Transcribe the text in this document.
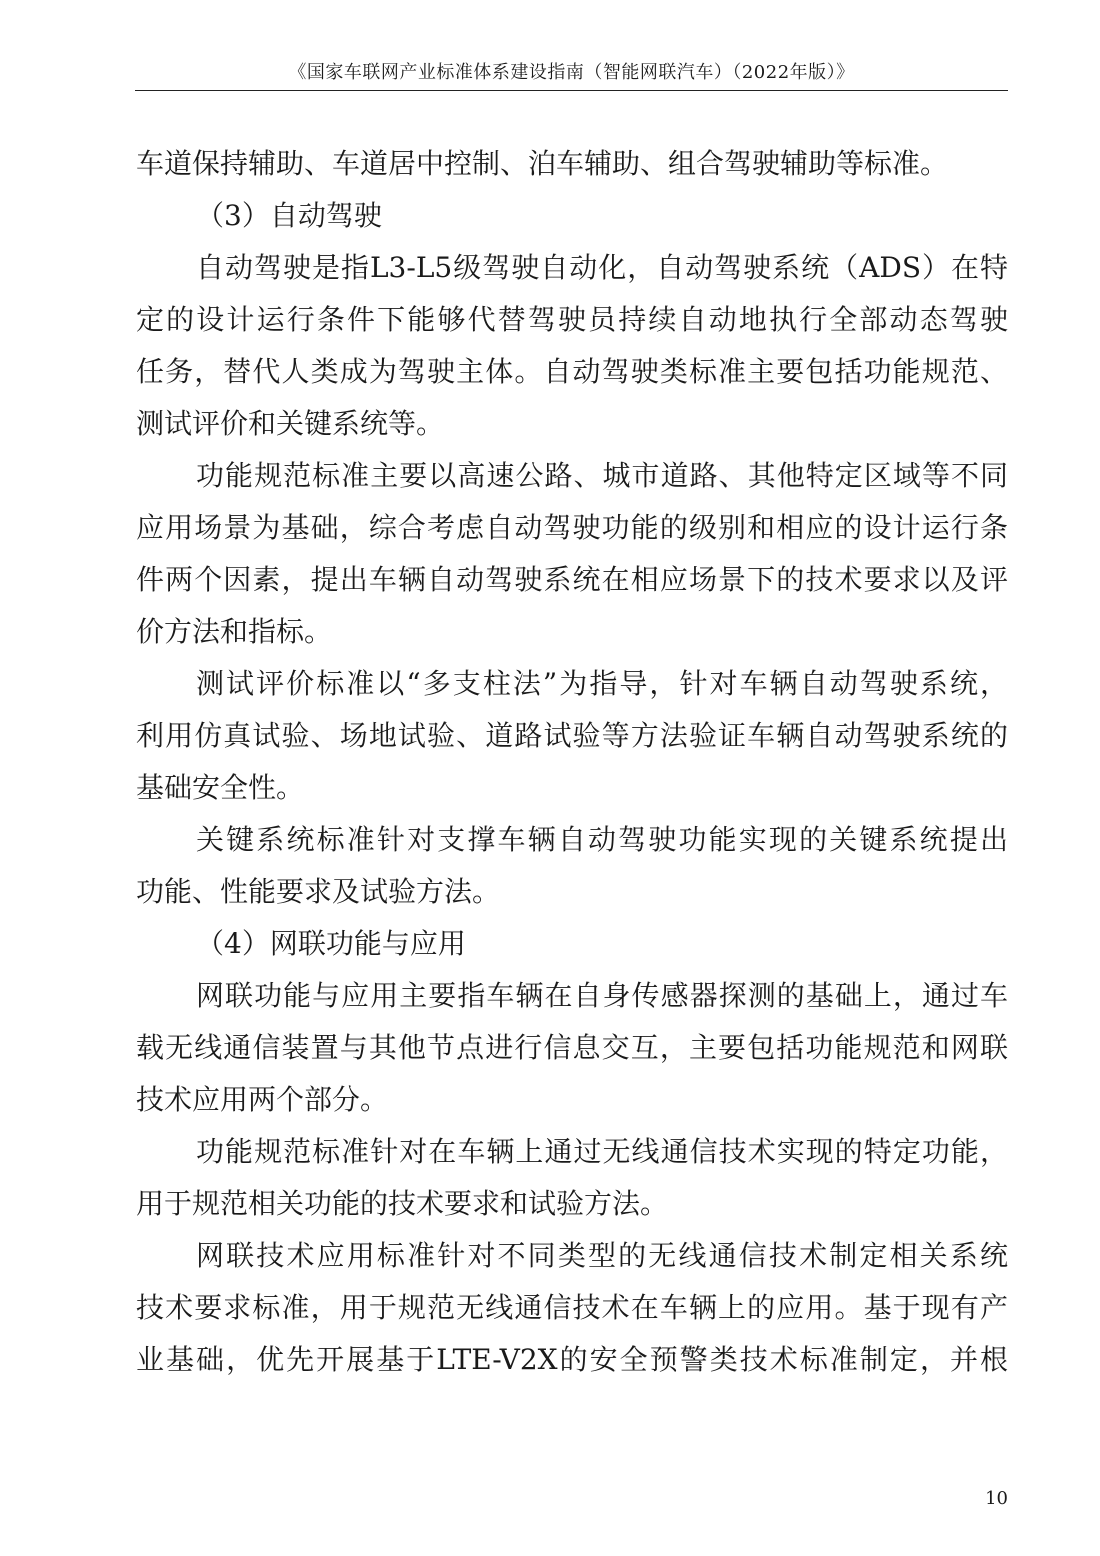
《国家车联网产业标准体系建设指南（智能网联汽车）（2022年版）》
车道保持辅助、车道居中控制、泊车辅助、组合驾驶辅助等标准。
（3）自动驾驶
自动驾驶是指L3-L5级驾驶自动化，自动驾驶系统（ADS）在特
定的设计运行条件下能够代替驾驶员持续自动地执行全部动态驾驶
任务，替代人类成为驾驶主体。自动驾驶类标准主要包括功能规范、
测试评价和关键系统等。
功能规范标准主要以高速公路、城市道路、其他特定区域等不同
应用场景为基础，综合考虑自动驾驶功能的级别和相应的设计运行条
件两个因素，提出车辆自动驾驶系统在相应场景下的技术要求以及评
价方法和指标。
测试评价标准以“多支柱法”为指导，针对车辆自动驾驶系统，
利用仿真试验、场地试验、道路试验等方法验证车辆自动驾驶系统的
基础安全性。
关键系统标准针对支撑车辆自动驾驶功能实现的关键系统提出
功能、性能要求及试验方法。
（4）网联功能与应用
网联功能与应用主要指车辆在自身传感器探测的基础上，通过车
载无线通信装置与其他节点进行信息交互，主要包括功能规范和网联
技术应用两个部分。
功能规范标准针对在车辆上通过无线通信技术实现的特定功能，
用于规范相关功能的技术要求和试验方法。
网联技术应用标准针对不同类型的无线通信技术制定相关系统
技术要求标准，用于规范无线通信技术在车辆上的应用。基于现有产
业基础，优先开展基于LTE-V2X的安全预警类技术标准制定，并根
10
